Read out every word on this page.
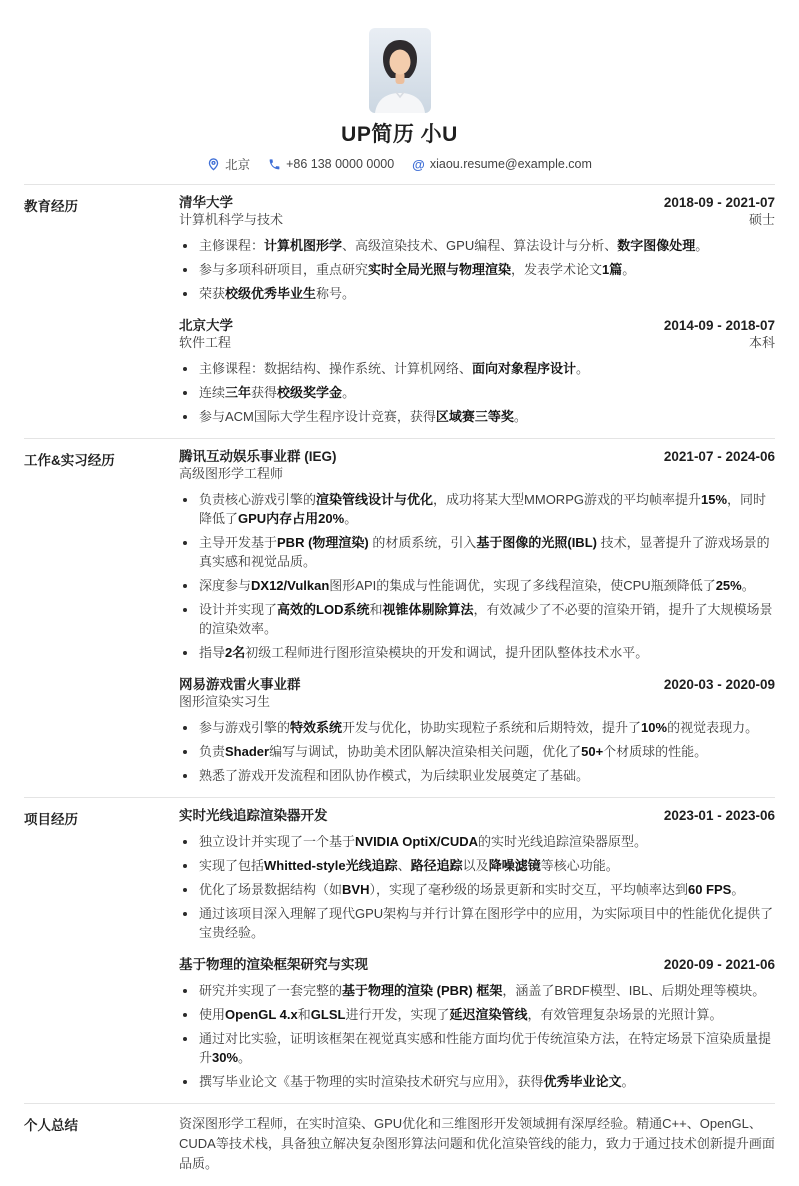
UP简历 小U
北京	+86 138 0000 0000 @ xiaou.resume@example.com
教育经历	清华大学	2018-09 - 2021-07
计算机科学与技术	硕士
主修课程：计算机图形学、高级渲染技术、GPU编程、算法设计与分析、数字图像处理。
参与多项科研项目，重点研究实时全局光照与物理渲染，发表学术论文1篇。
荣获校级优秀毕业生称号。
北京大学	2014-09 - 2018-07
软件工程	本科
主修课程：数据结构、操作系统、计算机网络、面向对象程序设计。
连续三年获得校级奖学金。
参与ACM国际大学生程序设计竞赛，获得区域赛三等奖。
工作&实习经历	腾讯互动娱乐事业群 (IEG)	2021-07 - 2024-06
高级图形学工程师
负责核心游戏引擎的渲染管线设计与优化，成功将某大型MMORPG游戏的平均帧率提升15%，同时降低了GPU内存占用20%。
主导开发基于PBR (物理渲染) 的材质系统，引入基于图像的光照(IBL) 技术，显著提升了游戏场景的真实感和视觉品质。
深度参与DX12/Vulkan图形API的集成与性能调优，实现了多线程渲染，使CPU瓶颈降低了25%。
设计并实现了高效的LOD系统和视锥体剔除算法，有效减少了不必要的渲染开销，提升了大规模场景的渲染效率。
指导2名初级工程师进行图形渲染模块的开发和调试，提升团队整体技术水平。
网易游戏雷火事业群	2020-03 - 2020-09
图形渲染实习生
参与游戏引擎的特效系统开发与优化，协助实现粒子系统和后期特效，提升了10%的视觉表现力。
负责Shader编写与调试，协助美术团队解决渲染相关问题，优化了50+个材质球的性能。
熟悉了游戏开发流程和团队协作模式，为后续职业发展奠定了基础。
项目经历	实时光线追踪渲染器开发	2023-01 - 2023-06
独立设计并实现了一个基于NVIDIA OptiX/CUDA的实时光线追踪渲染器原型。
实现了包括Whitted-style光线追踪、路径追踪以及降噪滤镜等核心功能。
优化了场景数据结构（如BVH），实现了毫秒级的场景更新和实时交互，平均帧率达到60 FPS。
通过该项目深入理解了现代GPU架构与并行计算在图形学中的应用，为实际项目中的性能优化提供了宝贵经验。
基于物理的渲染框架研究与实现	2020-09 - 2021-06
研究并实现了一套完整的基于物理的渲染 (PBR) 框架，涵盖了BRDF模型、IBL、后期处理等模块。
使用OpenGL 4.x和GLSL进行开发，实现了延迟渲染管线，有效管理复杂场景的光照计算。
通过对比实验，证明该框架在视觉真实感和性能方面均优于传统渲染方法，在特定场景下渲染质量提升30%。
撰写毕业论文《基于物理的实时渲染技术研究与应用》，获得优秀毕业论文。
个人总结	资深图形学工程师，在实时渲染、GPU优化和三维图形开发领域拥有深厚经验。精通C++、OpenGL、CUDA等技术栈，具备独立解决复杂图形算法问题和优化渲染管线的能力，致力于通过技术创新提升画面品质。
